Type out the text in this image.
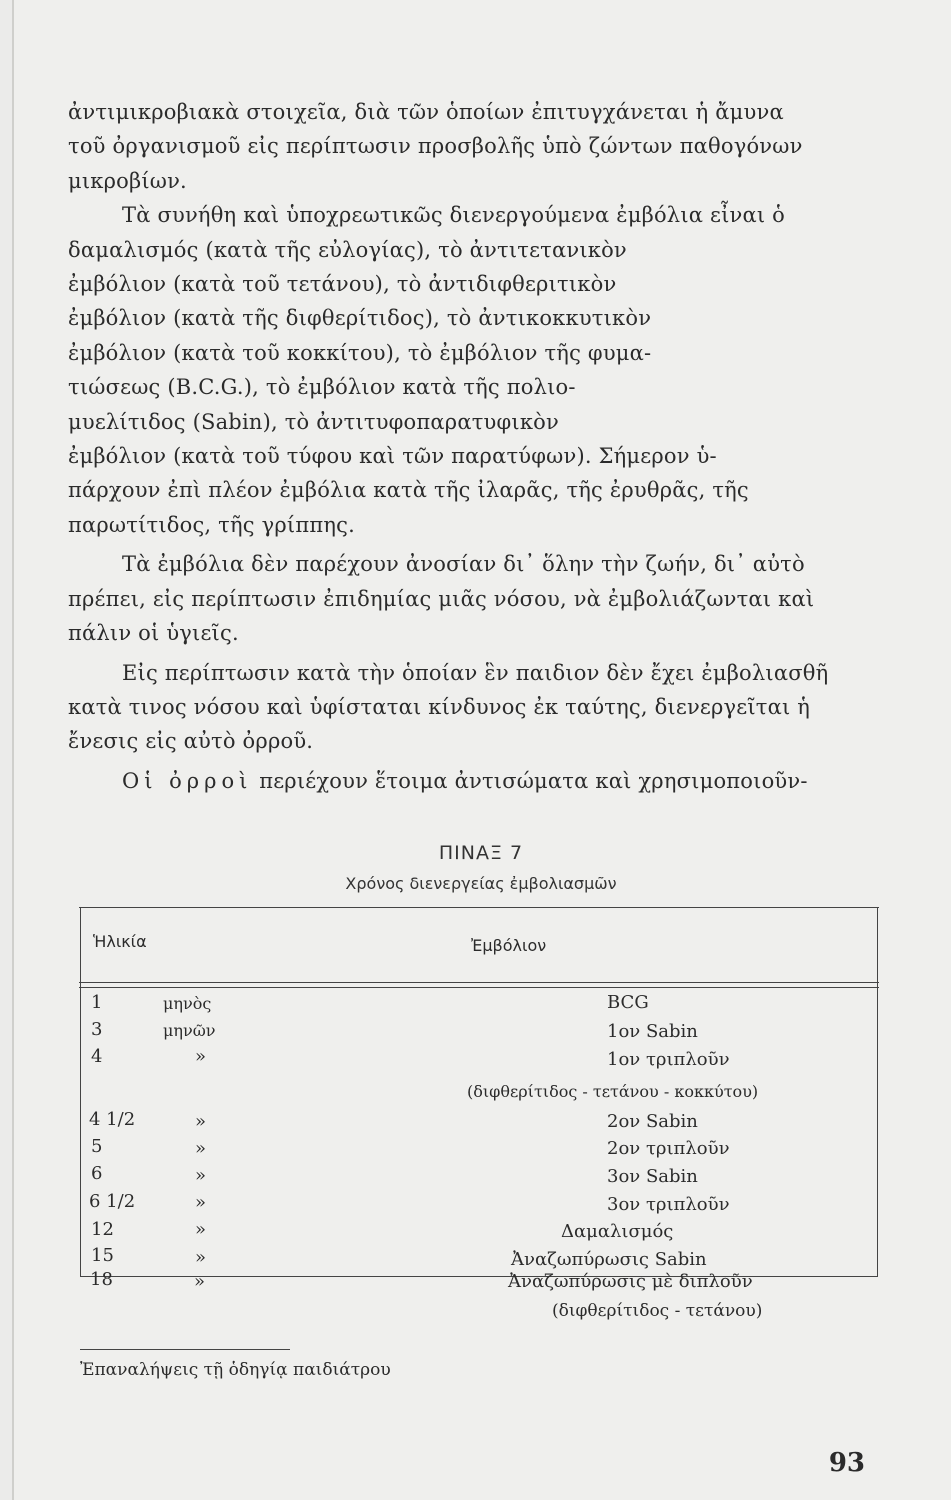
ἀντιμικροβιακὰ στοιχεῖα, διὰ τῶν ὁποίων ἐπιτυγχάνεται ἡ ἄμυνα
τοῦ ὀργανισμοῦ εἰς περίπτωσιν προσβολῆς ὑπὸ ζώντων παθογόνων
μικροβίων.

Τὰ συνήθη καὶ ὑποχρεωτικῶς διενεργούμενα ἐμβόλια εἶναι ὁ
δαμαλισμός (κατὰ τῆς εὐλογίας), τὸ ἀντιτετανικὸν
ἐμβόλιον (κατὰ τοῦ τετάνου), τὸ ἀντιδιφθεριτικὸν
ἐμβόλιον (κατὰ τῆς διφθερίτιδος), τὸ ἀντικοκκυτικὸν
ἐμβόλιον (κατὰ τοῦ κοκκίτου), τὸ ἐμβόλιον τῆς φυμα-
τιώσεως (B.C.G.), τὸ ἐμβόλιον κατὰ τῆς πολιο-
μυελίτιδος (Sabin), τὸ ἀντιτυφοπαρατυφικὸν
ἐμβόλιον (κατὰ τοῦ τύφου καὶ τῶν παρατύφων). Σήμερον ὑ-
πάρχουν ἐπὶ πλέον ἐμβόλια κατὰ τῆς ἰλαρᾶς, τῆς ἐρυθρᾶς, τῆς
παρωτίτιδος, τῆς γρίππης.

Τὰ ἐμβόλια δὲν παρέχουν ἀνοσίαν δι᾽ ὅλην τὴν ζωήν, δι᾽ αὐτὸ
πρέπει, εἰς περίπτωσιν ἐπιδημίας μιᾶς νόσου, νὰ ἐμβολιάζωνται καὶ
πάλιν οἱ ὑγιεῖς.

Εἰς περίπτωσιν κατὰ τὴν ὁποίαν ἓν παιδιον δὲν ἔχει ἐμβολιασθῆ
κατὰ τινος νόσου καὶ ὑφίσταται κίνδυνος ἐκ ταύτης, διενεργεῖται ἡ
ἔνεσις εἰς αὐτὸ ὀρροῦ.

Οἱ ὀρροὶ περιέχουν ἕτοιμα ἀντισώματα καὶ χρησιμοποιοῦν-

ΠΙΝΑΞ 7
Χρόνος διενεργείας ἐμβολιασμῶν
Ἡλικία	Ἐμβόλιον
1	μηνὸς	BCG
3	μηνῶν	1ον Sabin
4	»	1ον τριπλοῦν
(διφθερίτιδος - τετάνου - κοκκύτου)
4 1/2	»	2ον Sabin
5	»	2ον τριπλοῦν
6	»	3ον Sabin
6 1/2	»	3ον τριπλοῦν
12	»	Δαμαλισμός
15	»	Ἀναζωπύρωσις Sabin
18	»	Ἀναζωπύρωσις μὲ διπλοῦν
(διφθερίτιδος - τετάνου)
Ἐπαναλήψεις τῇ ὁδηγίᾳ παιδιάτρου
93
